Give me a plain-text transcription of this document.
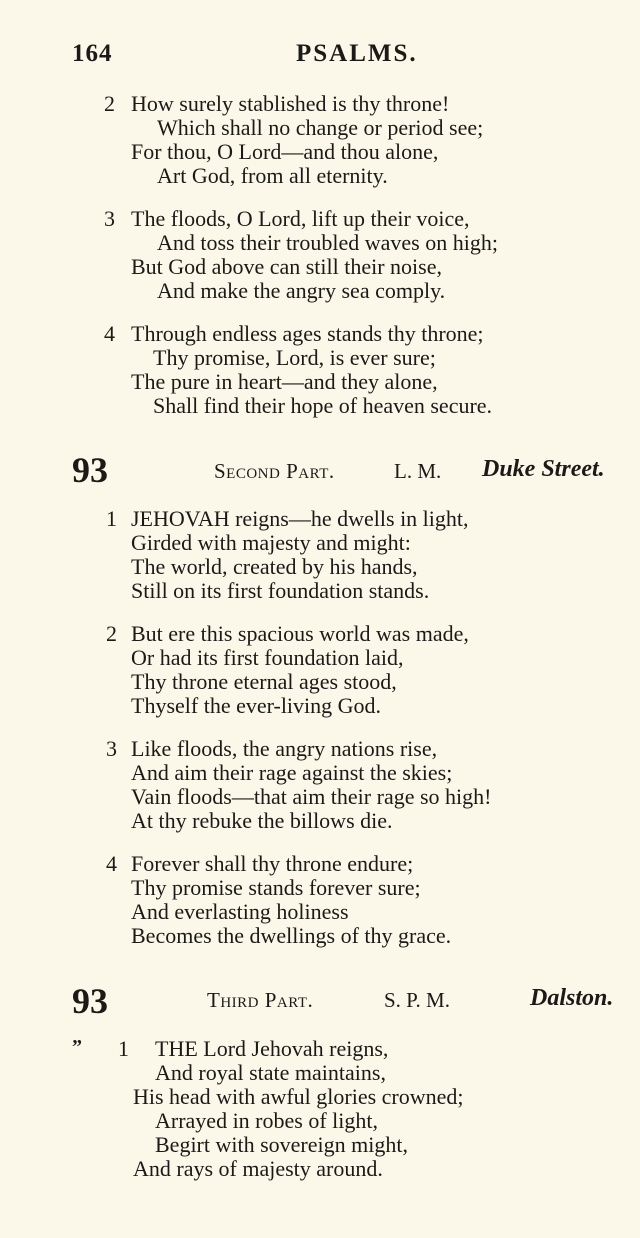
164	PSALMS.
2 How surely stablished is thy throne!
Which shall no change or period see;
For thou, O Lord—and thou alone,
Art God, from all eternity.
3 The floods, O Lord, lift up their voice,
And toss their troubled waves on high;
But God above can still their noise,
And make the angry sea comply.
4 Through endless ages stands thy throne;
Thy promise, Lord, is ever sure;
The pure in heart—and they alone,
Shall find their hope of heaven secure.
93	Second Part.	L. M. Duke Street.
1 JEHOVAH reigns—he dwells in light,
Girded with majesty and might:
The world, created by his hands,
Still on its first foundation stands.
2 But ere this spacious world was made,
Or had its first foundation laid,
Thy throne eternal ages stood,
Thyself the ever-living God.
3 Like floods, the angry nations rise,
And aim their rage against the skies;
Vain floods—that aim their rage so high!
At thy rebuke the billows die.
4 Forever shall thy throne endure;
Thy promise stands forever sure;
And everlasting holiness
Becomes the dwellings of thy grace.
93	Third Part.	S. P. M.	Dalston.
” 1 THE Lord Jehovah reigns,
And royal state maintains,
His head with awful glories crowned;
Arrayed in robes of light,
Begirt with sovereign might,
And rays of majesty around.
